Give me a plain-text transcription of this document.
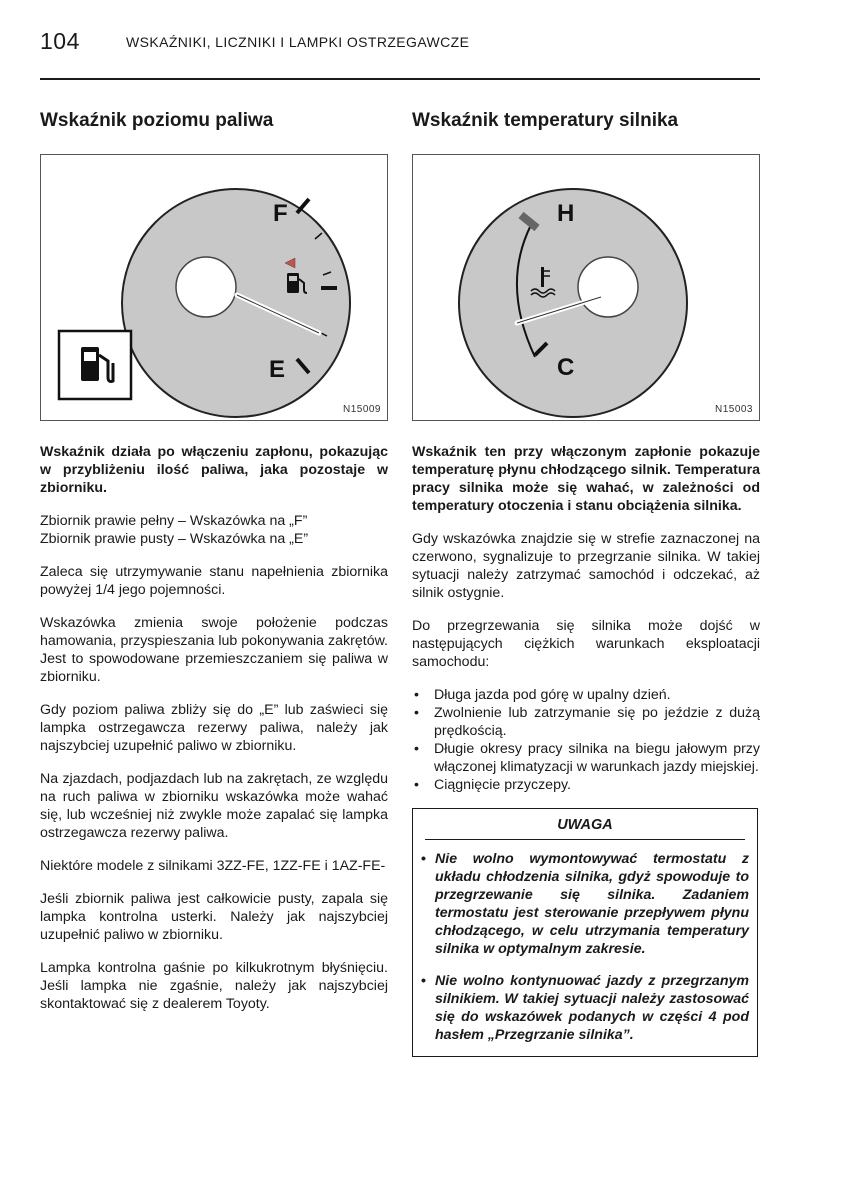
104	WSKAŹNIKI, LICZNIKI I LAMPKI OSTRZEGAWCZE
Wskaźnik poziomu paliwa
F
E
N15009

Wskaźnik działa po włączeniu zapłonu, pokazując w przybliżeniu ilość paliwa, jaka pozostaje w zbiorniku.

Zbiornik prawie pełny – Wskazówka na „F”
Zbiornik prawie pusty – Wskazówka na „E”

Zaleca się utrzymywanie stanu napełnienia zbiornika powyżej 1/4 jego pojemności.

Wskazówka zmienia swoje położenie podczas hamowania, przyspieszania lub pokonywania zakrętów. Jest to spowodowane przemieszczaniem się paliwa w zbiorniku.

Gdy poziom paliwa zbliży się do „E” lub zaświeci się lampka ostrzegawcza rezerwy paliwa, należy jak najszybciej uzupełnić paliwo w zbiorniku.

Na zjazdach, podjazdach lub na zakrętach, ze względu na ruch paliwa w zbiorniku wskazówka może wahać się, lub wcześniej niż zwykle może zapalać się lampka ostrzegawcza rezerwy paliwa.

Niektóre modele z silnikami 3ZZ-FE, 1ZZ-FE i 1AZ-FE-

Jeśli zbiornik paliwa jest całkowicie pusty, zapala się lampka kontrolna usterki. Należy jak najszybciej uzupełnić paliwo w zbiorniku.

Lampka kontrolna gaśnie po kilkukrotnym błyśnięciu. Jeśli lampka nie zgaśnie, należy jak najszybciej skontaktować się z dealerem Toyoty.

Wskaźnik temperatury silnika
H
C
N15003

Wskaźnik ten przy włączonym zapłonie pokazuje temperaturę płynu chłodzącego silnik. Temperatura pracy silnika może się wahać, w zależności od temperatury otoczenia i stanu obciążenia silnika.

Gdy wskazówka znajdzie się w strefie zaznaczonej na czerwono, sygnalizuje to przegrzanie silnika. W takiej sytuacji należy zatrzymać samochód i odczekać, aż silnik ostygnie.

Do przegrzewania się silnika może dojść w następujących ciężkich warunkach eksploatacji samochodu:

• Długa jazda pod górę w upalny dzień.
• Zwolnienie lub zatrzymanie się po jeździe z dużą prędkością.
• Długie okresy pracy silnika na biegu jałowym przy włączonej klimatyzacji w warunkach jazdy miejskiej.
• Ciągnięcie przyczepy.
UWAGA
• Nie wolno wymontowywać termostatu z układu chłodzenia silnika, gdyż spowoduje to przegrzewanie się silnika. Zadaniem termostatu jest sterowanie przepływem płynu chłodzącego, w celu utrzymania temperatury silnika w optymalnym zakresie.
• Nie wolno kontynuować jazdy z przegrzanym silnikiem. W takiej sytuacji należy zastosować się do wskazówek podanych w części 4 pod hasłem „Przegrzanie silnika”.
